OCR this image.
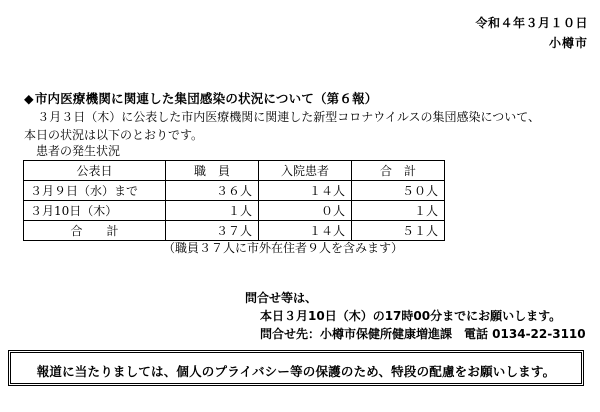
令和４年３月１０日
小樽市
◆市内医療機関に関連した集団感染の状況について（第６報）

３月３日（木）に公表した市内医療機関に関連した新型コロナウイルスの集団感染について、

本日の状況は以下のとおりです。

患者の発生状況
公表日	職　員	入院患者	合　計
３月９日（水）まで	３６人	１４人	５０人
３月10日（木）	１人	０人	１人
合　　計	３７人	１４人	５１人
（職員３７人に市外在住者９人を含みます）
問合せ等は、
本日３月10日（木）の17時00分までにお願いします。
問合せ先：小樽市保健所健康増進課　電話 0134-22-3110
報道に当たりましては、個人のプライバシー等の保護のため、特段の配慮をお願いします。
